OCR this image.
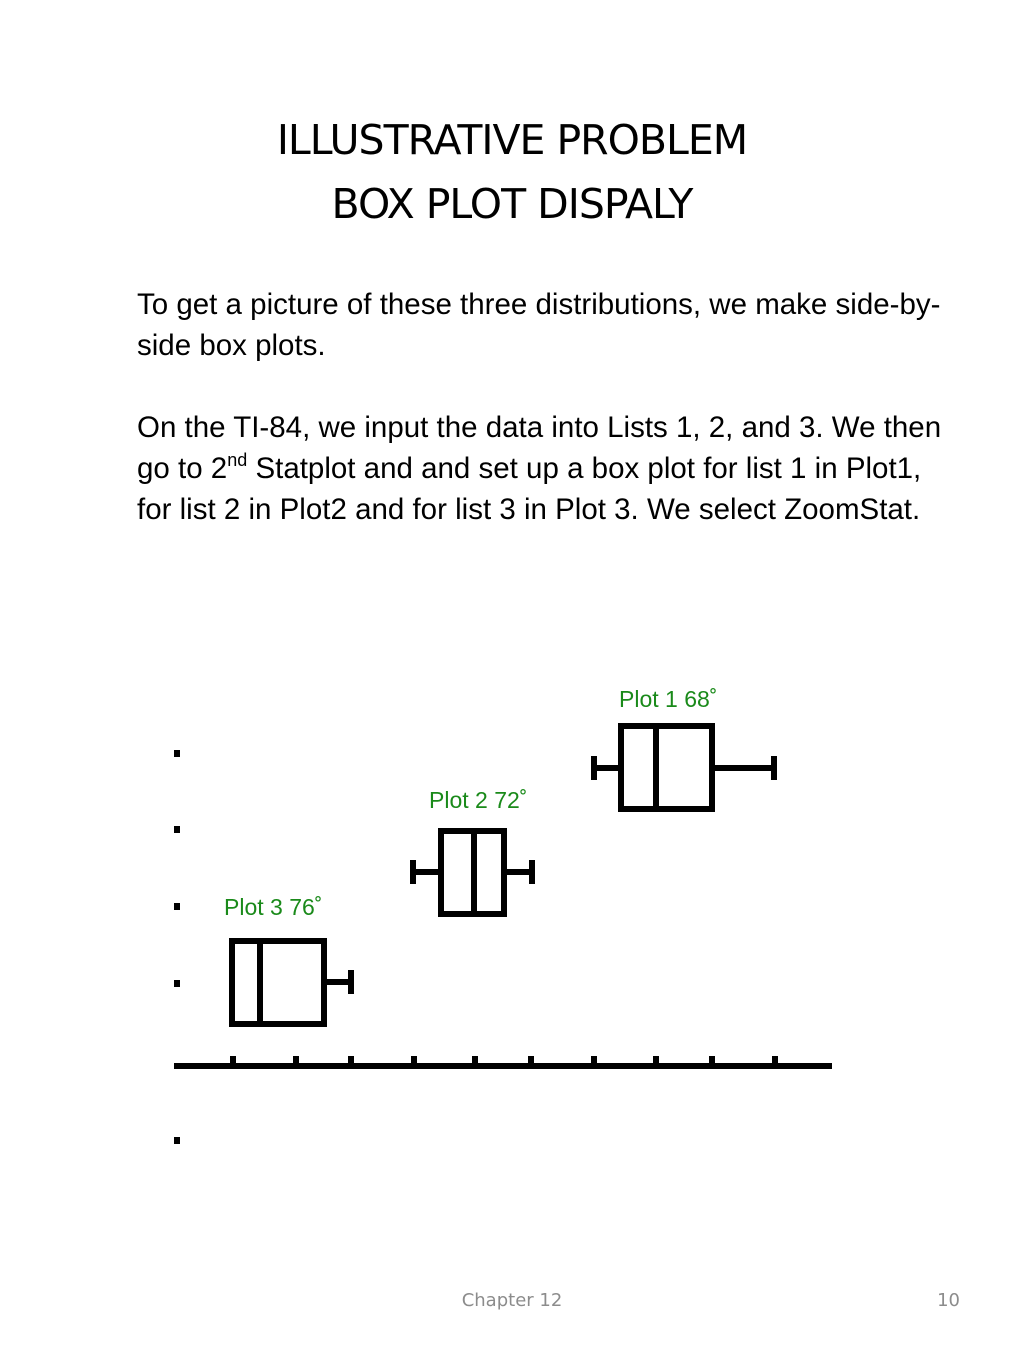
ILLUSTRATIVE PROBLEM
BOX PLOT DISPALY

To get a picture of these three distributions, we make side-by-side box plots.

On the TI-84, we input the data into Lists 1, 2, and 3. We then go to 2nd Statplot and and set up a box plot for list 1 in Plot1, for list 2 in Plot2 and for list 3 in Plot 3. We select ZoomStat.

Plot 1 68˚
Plot 2 72˚
Plot 3 76˚
Chapter 12	10
